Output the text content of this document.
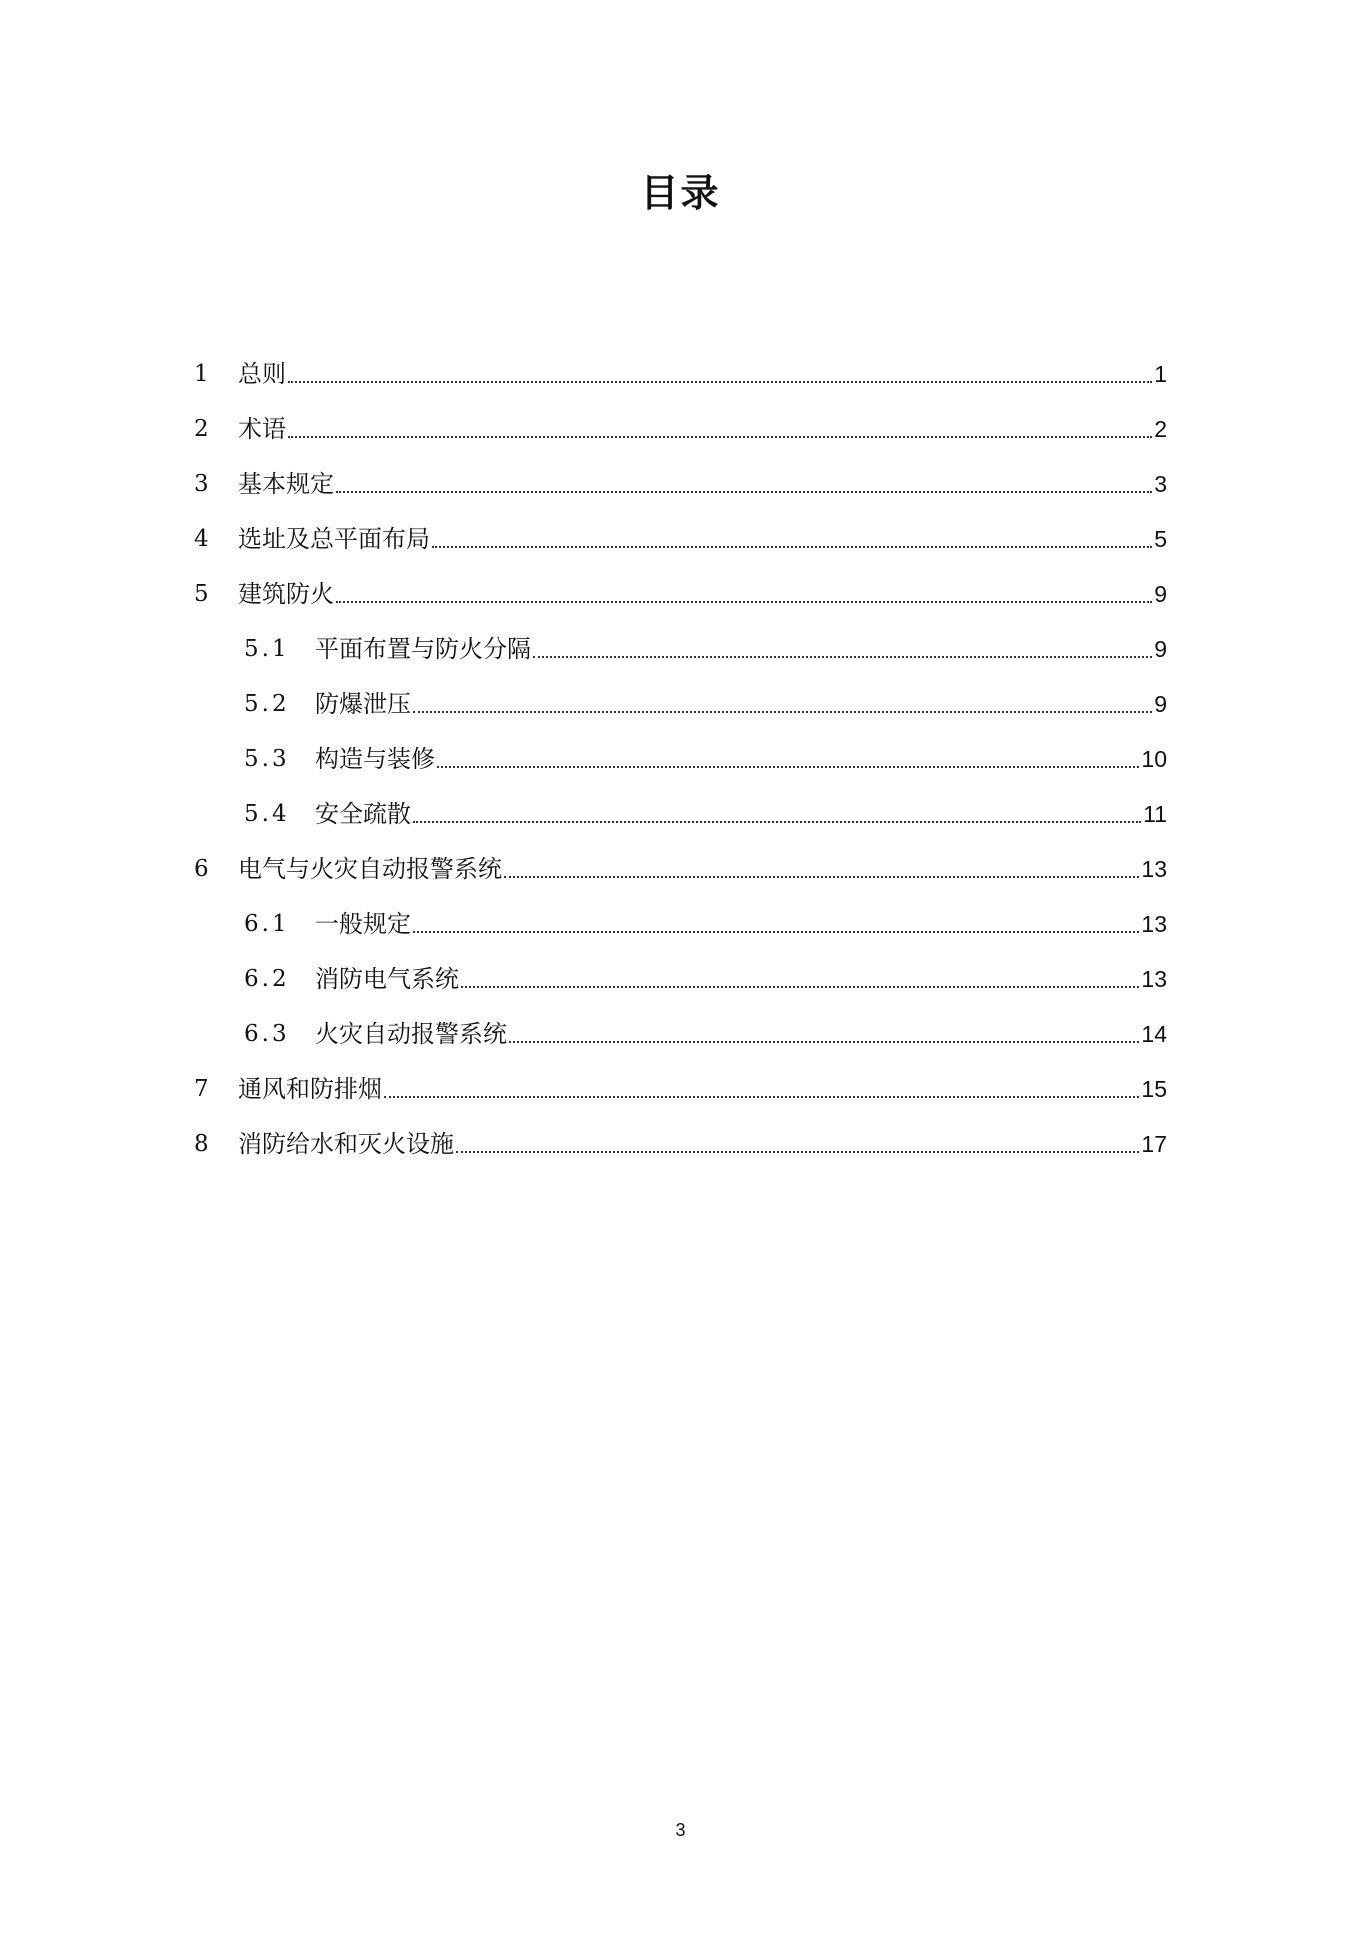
目录
1	总则	1
2	术语	2
3	基本规定	3
4	选址及总平面布局	5
5	建筑防火	9
5.1	平面布置与防火分隔	9
5.2	防爆泄压	9
5.3	构造与装修	10
5.4	安全疏散	11
6	电气与火灾自动报警系统	13
6.1	一般规定	13
6.2	消防电气系统	13
6.3	火灾自动报警系统	14
7	通风和防排烟	15
8	消防给水和灭火设施	17
3
